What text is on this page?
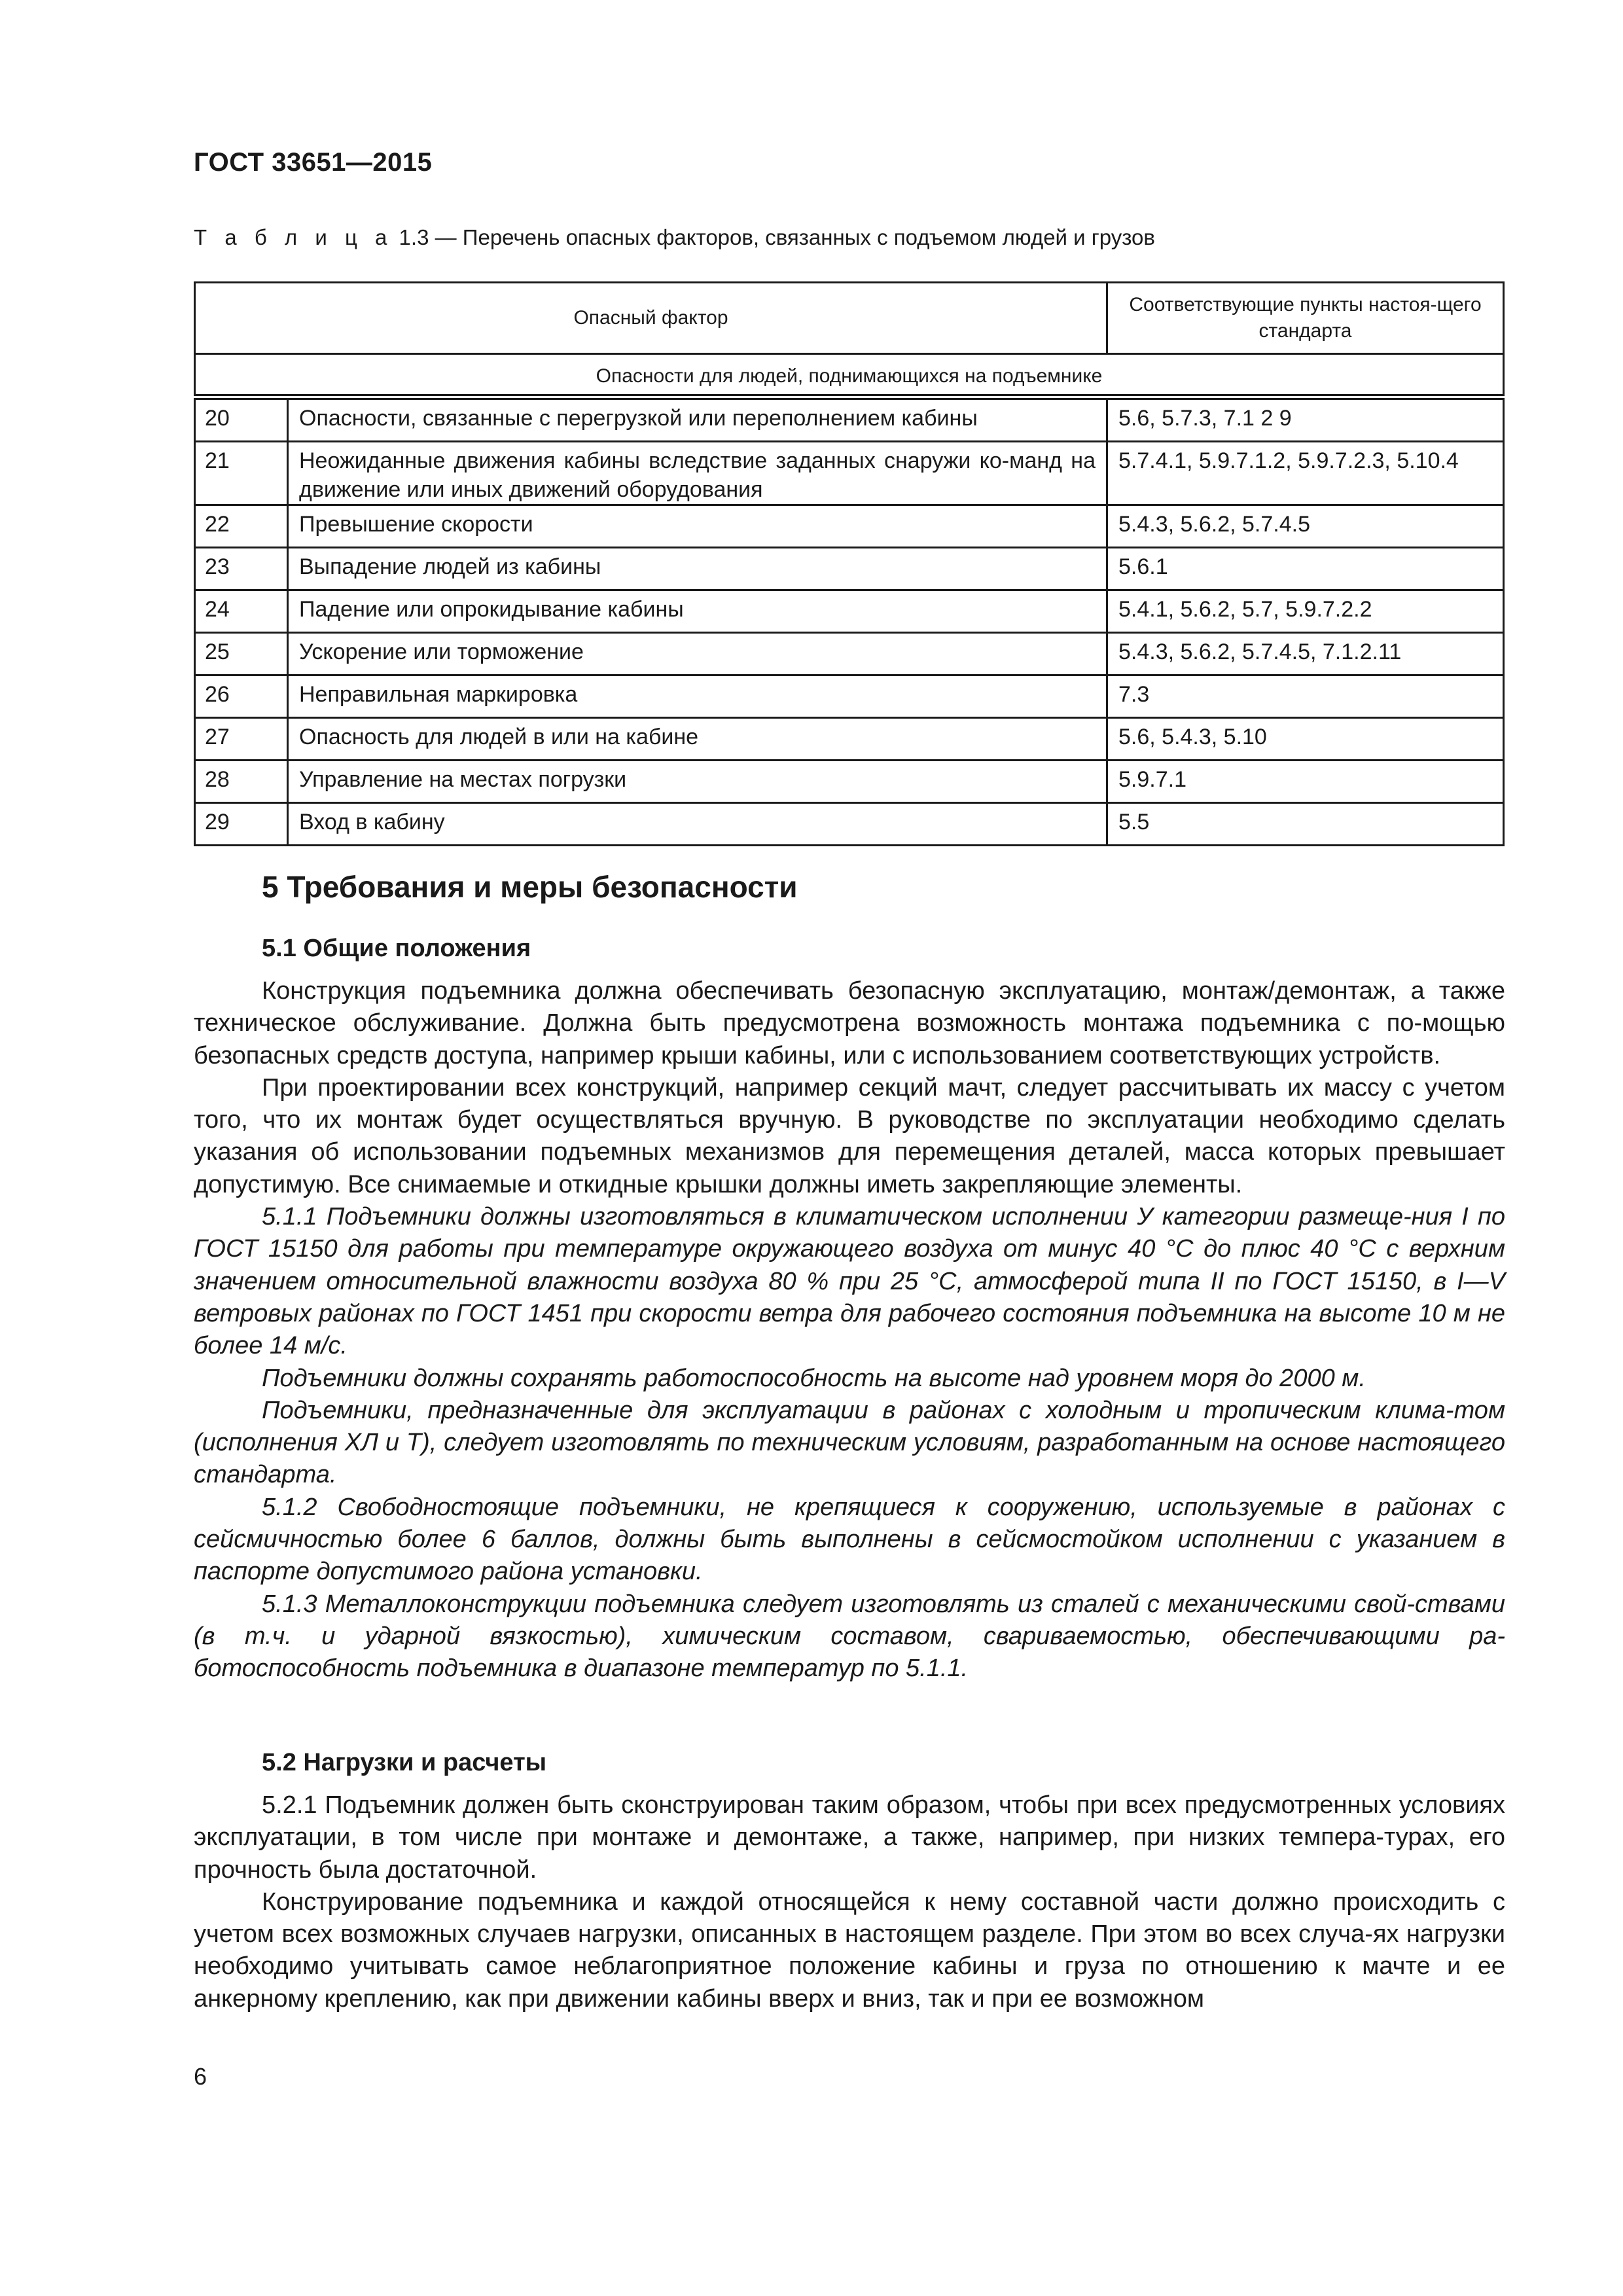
ГОСТ 33651—2015
Т а б л и ц а 1.3 — Перечень опасных факторов, связанных с подъемом людей и грузов
Опасный фактор		Соответствующие пункты настоя-щего стандарта
Опасности для людей, поднимающихся на подъемнике		
20	Опасности, связанные с перегрузкой или переполнением кабины	5.6, 5.7.3, 7.1 2 9
21	Неожиданные движения кабины вследствие заданных снаружи ко-манд на движение или иных движений оборудования	5.7.4.1, 5.9.7.1.2, 5.9.7.2.3, 5.10.4
22	Превышение скорости	5.4.3, 5.6.2, 5.7.4.5
23	Выпадение людей из кабины	5.6.1
24	Падение или опрокидывание кабины	5.4.1, 5.6.2, 5.7, 5.9.7.2.2
25	Ускорение или торможение	5.4.3, 5.6.2, 5.7.4.5, 7.1.2.11
26	Неправильная маркировка	7.3
27	Опасность для людей в или на кабине	5.6, 5.4.3, 5.10
28	Управление на местах погрузки	5.9.7.1
29	Вход в кабину	5.5
5 Требования и меры безопасности
5.1 Общие положения

Конструкция подъемника должна обеспечивать безопасную эксплуатацию, монтаж/демонтаж, а также техническое обслуживание. Должна быть предусмотрена возможность монтажа подъемника с по-мощью безопасных средств доступа, например крыши кабины, или с использованием соответствующих устройств.

При проектировании всех конструкций, например секций мачт, следует рассчитывать их массу с учетом того, что их монтаж будет осуществляться вручную. В руководстве по эксплуатации необходимо сделать указания об использовании подъемных механизмов для перемещения деталей, масса которых превышает допустимую. Все снимаемые и откидные крышки должны иметь закрепляющие элементы.

5.1.1 Подъемники должны изготовляться в климатическом исполнении У категории размеще-ния I по ГОСТ 15150 для работы при температуре окружающего воздуха от минус 40 °С до плюс 40 °С с верхним значением относительной влажности воздуха 80 % при 25 °С, атмосферой типа II по ГОСТ 15150, в I—V ветровых районах по ГОСТ 1451 при скорости ветра для рабочего состояния подъемника на высоте 10 м не более 14 м/с.

Подъемники должны сохранять работоспособность на высоте над уровнем моря до 2000 м.

Подъемники, предназначенные для эксплуатации в районах с холодным и тропическим клима-том (исполнения ХЛ и Т), следует изготовлять по техническим условиям, разработанным на основе настоящего стандарта.

5.1.2 Свободностоящие подъемники, не крепящиеся к сооружению, используемые в районах с сейсмичностью более 6 баллов, должны быть выполнены в сейсмостойком исполнении с указанием в паспорте допустимого района установки.

5.1.3 Металлоконструкции подъемника следует изготовлять из сталей с механическими свой-ствами (в т.ч. и ударной вязкостью), химическим составом, свариваемостью, обеспечивающими ра-ботоспособность подъемника в диапазоне температур по 5.1.1.

5.2 Нагрузки и расчеты

5.2.1 Подъемник должен быть сконструирован таким образом, чтобы при всех предусмотренных условиях эксплуатации, в том числе при монтаже и демонтаже, а также, например, при низких темпера-турах, его прочность была достаточной.

Конструирование подъемника и каждой относящейся к нему составной части должно происходить с учетом всех возможных случаев нагрузки, описанных в настоящем разделе. При этом во всех случа-ях нагрузки необходимо учитывать самое неблагоприятное положение кабины и груза по отношению к мачте и ее анкерному креплению, как при движении кабины вверх и вниз, так и при ее возможном

6
